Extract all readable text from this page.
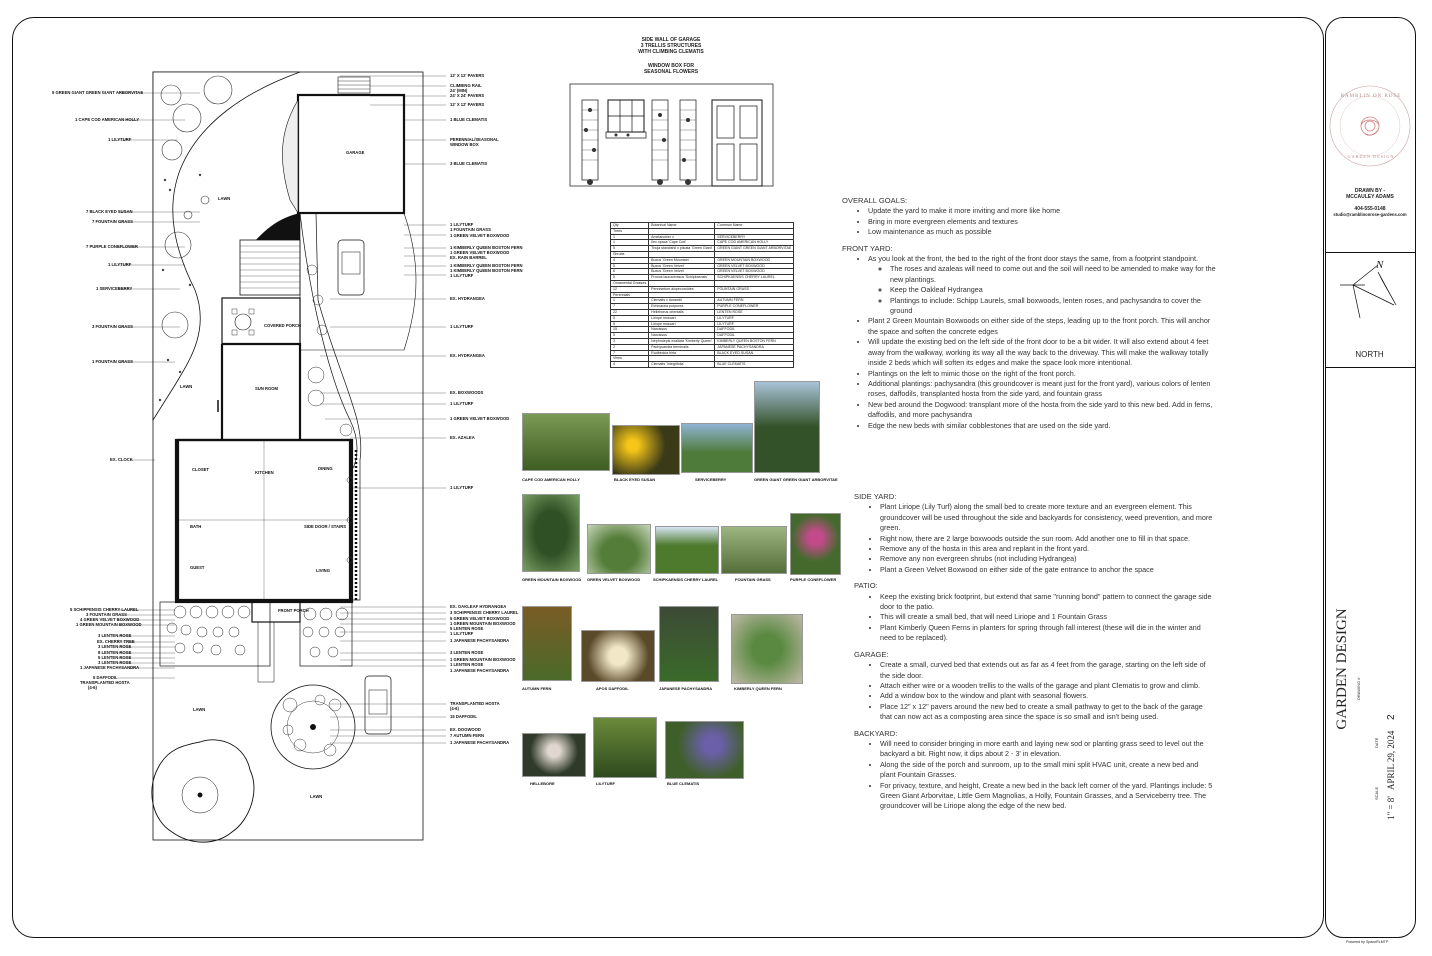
LAWN
LAWN
LAWN
LAWN
GARAGE
COVERED PORCH
SUN ROOM
CLOSET
KITCHEN
DINING
BATH	SIDE DOOR / STAIRS
GUEST
LIVING
FRONT PORCH
5 GREEN GIANT GREEN GIANT ARBORVITAE
1 CAPE COD AMERICAN HOLLY
1 LILYTURF
7 BLACK EYED SUSAN
7 FOUNTAIN GRASS
7 PURPLE CONEFLOWER
1 LILYTURF
1 SERVICEBERRY
3 FOUNTAIN GRASS
1 FOUNTAIN GRASS
EX. CLOCK
5 SCHIPPENSIS CHERRY LAUREL
3 FOUNTAIN GRASS
4 GREEN VELVET BOXWOOD
1 GREEN MOUNTAIN BOXWOOD
3 LENTEN ROSE
EX. CHERRY TREE
3 LENTEN ROSE
8 LENTEN ROSE
5 LENTEN ROSE
3 LENTEN ROSE
1 JAPANESE PACHYSANDRA
5 DAFFODIL
TRANSPLANTED HOSTA
(4-6)
12' X 12' PAVERS
CLIMBING RAIL
24' (MIN)
24' X 24' PAVERS
12' X 12' PAVERS
1 BLUE CLEMATIS
PERENNIAL/SEASONAL
WINDOW BOX
3 BLUE CLEMATIS
1 LILYTURF
1 FOUNTAIN GRASS
1 GREEN VELVET BOXWOOD
1 KIMBERLY QUEEN BOSTON FERN
1 GREEN VELVET BOXWOOD
EX. RAIN BARREL
1 KIMBERLY QUEEN BOSTON FERN
1 KIMBERLY QUEEN BOSTON FERN
1 LILYTURF
EX. HYDRANGEA
1 LILYTURF
EX. HYDRANGEA
EX. BOXWOODS
1 LILYTURF
1 GREEN VELVET BOXWOOD
EX. AZALEA
1 LILYTURF
EX. OAKLEAF HYDRANGEA
3 SCHIPPENSIS CHERRY LAUREL
5 GREEN VELVET BOXWOOD
1 GREEN MOUNTAIN BOXWOOD
5 LENTEN ROSE
1 LILYTURF
1 JAPANESE PACHYSANDRA
3 LENTEN ROSE
1 GREEN MOUNTAIN BOXWOOD
1 LENTEN ROSE
1 JAPANESE PACHYSANDRA
TRANSPLANTED HOSTA
(4-6)
15 DAFFODIL
EX. DOGWOOD
7 AUTUMN FERN
1 JAPANESE PACHYSANDRA
SIDE WALL OF GARAGE
3 TRELLIS STRUCTURES
WITH CLIMBING CLEMATIS
WINDOW BOX FOR
SEASONAL FLOWERS
Qty	Botanical Name	Common Name
Trees		
1	Amelanchier x	SERVICEBERRY
1	Ilex opaca 'Cape Cod'	CAPE COD AMERICAN HOLLY
5	Thuja standishii x plicata 'Green Giant'	GREEN GIANT GREEN GIANT ARBORVITAE
Shrubs		
4	Buxus 'Green Mountain'	GREEN MOUNTAIN BOXWOOD
5	Buxus 'Green Velvet'	GREEN VELVET BOXWOOD
6	Buxus 'Green Velvet'	GREEN VELVET BOXWOOD
5	Prunus laurocerasus 'Schipkaensis'	SCHIPKAENSIS CHERRY LAUREL
Ornamental Grasses		
12	Pennisetum alopecuroides	FOUNTAIN GRASS
Perennials		
1	Clematis x durandii	AUTUMN FERN
7	Echinacea purpurea	PURPLE CONEFLOWER
22	Helleborus orientalis	LENTEN ROSE
5	Liriope muscari	LILYTURF
5	Liriope muscari	LILYTURF
15	Narcissus	DAFFODIL
5	Narcissus	DAFFODIL
3	Nephrolepis exaltata 'Kimberly Queen'	KIMBERLY QUEEN BOSTON FERN
2	Pachysandra terminalis	JAPANESE PACHYSANDRA
7	Rudbeckia hirta	BLACK EYED SUSAN
Vines		
4	Clematis 'Integrifolia'	BLUE CLEMATIS
CAPE COD AMERICAN HOLLY	BLACK EYED SUSAN	SERVICEBERRY	GREEN GIANT GREEN GIANT ARBORVITAE
GREEN MOUNTAIN BOXWOOD GREEN VELVET BOXWOOD	SCHIPKAENSIS CHERRY LAUREL	FOUNTAIN GRASS	PURPLE CONEFLOWER
AUTUMN FERN	APOS DAFFODIL	JAPANESE PACHYSANDRA	KIMBERLY QUEEN FERN
HELLEBORE	LILYTURF	BLUE CLEMATIS
OVERALL GOALS:
• Update the yard to make it more inviting and more like home
• Bring in more evergreen elements and textures
• Low maintenance as much as possible
FRONT YARD:
• As you look at the front, the bed to the right of the front door stays the same, from a footprint standpoint.
◦ The roses and azaleas will need to come out and the soil will need to be amended to make way for the new plantings.
◦ Keep the Oakleaf Hydrangea
◦ Plantings to include: Schipp Laurels, small boxwoods, lenten roses, and pachysandra to cover the ground
• Plant 2 Green Mountain Boxwoods on either side of the steps, leading up to the front porch. This will anchor the space and soften the concrete edges
• Will update the existing bed on the left side of the front door to be a bit wider. It will also extend about 4 feet away from the walkway, working its way all the way back to the driveway. This will make the walkway totally inside 2 beds which will soften its edges and make the space look more intentional.
• Plantings on the left to mimic those on the right of the front porch.
• Additional plantings: pachysandra (this groundcover is meant just for the front yard), various colors of lenten roses, daffodils, transplanted hosta from the side yard, and fountain grass
• New bed around the Dogwood: transplant more of the hosta from the side yard to this new bed. Add in ferns, daffodils, and more pachysandra
• Edge the new beds with similar cobblestones that are used on the side yard.
SIDE YARD:
• Plant Liriope (Lily Turf) along the small bed to create more texture and an evergreen element. This groundcover will be used throughout the side and backyards for consistency, weed prevention, and more green.
• Right now, there are 2 large boxwoods outside the sun room. Add another one to fill in that space.
• Remove any of the hosta in this area and replant in the front yard.
• Remove any non evergreen shrubs (not including Hydrangea)
• Plant a Green Velvet Boxwood on either side of the gate entrance to anchor the space
PATIO:
• Keep the existing brick footprint, but extend that same "running bond" pattern to connect the garage side door to the patio.
• This will create a small bed, that will need Liriope and 1 Fountain Grass
• Plant Kimberly Queen Ferns in planters for spring through fall interest (these will die in the winter and need to be replaced).
GARAGE:
• Create a small, curved bed that extends out as far as 4 feet from the garage, starting on the left side of the side door.
• Attach either wire or a wooden trellis to the walls of the garage and plant Clematis to grow and climb.
• Add a window box to the window and plant with seasonal flowers.
• Place 12" x 12" pavers around the new bed to create a small pathway to get to the back of the garage that can now act as a composting area since the space is so small and isn't being used.
BACKYARD:
• Will need to consider bringing in more earth and laying new sod or planting grass seed to level out the backyard a bit. Right now, it dips about 2 - 3' in elevation.
• Along the side of the porch and sunroom, up to the small mini split HVAC unit, create a new bed and plant Fountain Grasses.
• For privacy, texture, and height, Create a new bed in the back left corner of the yard. Plantings include: 5 Green Giant Arborvitae, Little Gem Magnolias, a Holly, Fountain Grasses, and a Serviceberry tree. The groundcover will be Liriope along the edge of the new bed.
RAMBLIN ON ROSE
GARDEN DESIGN
DRAWN BY -
MCCAULEY ADAMS
404-555-0148
studio@ramblinonrose-gardens.com
N
NORTH
GARDEN DESIGN	DRAWING #
2
DATE APRIL 29, 2024
SCALE
1" = 8'
Powered by SpaceRLMTP
